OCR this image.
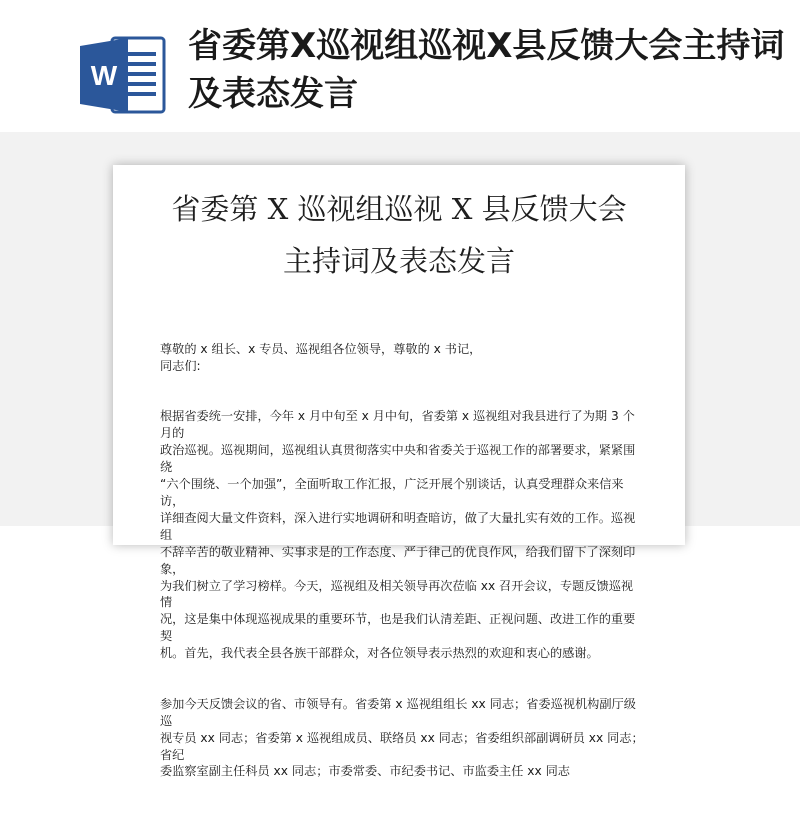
W
省委第X巡视组巡视X县反馈大会主持词及表态发言
省委第 X 巡视组巡视 X 县反馈大会
主持词及表态发言

尊敬的 x 组长、x 专员、巡视组各位领导，尊敬的 x 书记，
同志们:

根据省委统一安排，今年 x 月中旬至 x 月中旬，省委第 x 巡视组对我县进行了为期 3 个月的
政治巡视。巡视期间，巡视组认真贯彻落实中央和省委关于巡视工作的部署要求，紧紧围绕
“六个围绕、一个加强”，全面听取工作汇报，广泛开展个别谈话，认真受理群众来信来访，
详细查阅大量文件资料，深入进行实地调研和明查暗访，做了大量扎实有效的工作。巡视组
不辞辛苦的敬业精神、实事求是的工作态度、严于律己的优良作风，给我们留下了深刻印象，
为我们树立了学习榜样。今天，巡视组及相关领导再次莅临 xx 召开会议，专题反馈巡视情
况，这是集中体现巡视成果的重要环节，也是我们认清差距、正视问题、改进工作的重要契
机。首先，我代表全县各族干部群众，对各位领导表示热烈的欢迎和衷心的感谢。

参加今天反馈会议的省、市领导有。省委第 x 巡视组组长 xx 同志；省委巡视机构副厅级巡
视专员 xx 同志；省委第 x 巡视组成员、联络员 xx 同志；省委组织部副调研员 xx 同志；省纪
委监察室副主任科员 xx 同志；市委常委、市纪委书记、市监委主任 xx 同志
